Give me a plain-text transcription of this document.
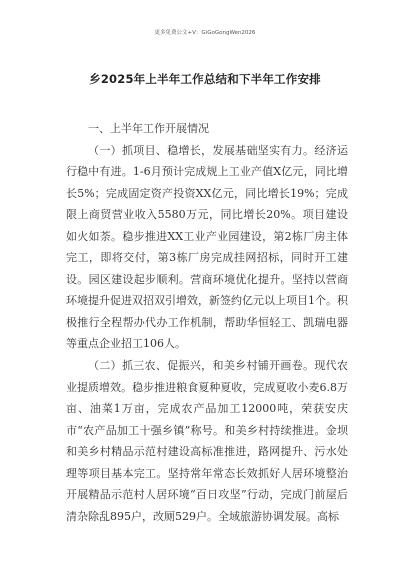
更多免费公文+V：GiGoGongWen2026
乡2025年上半年工作总结和下半年工作安排

一、上半年工作开展情况

（一）抓项目、稳增长，发展基础坚实有力。经济运行稳中有进。1-6月预计完成规上工业产值X亿元，同比增长5%；完成固定资产投资XX亿元，同比增长19%；完成限上商贸营业收入5580万元，同比增长20%。项目建设如火如荼。稳步推进XX工业产业园建设，第2栋厂房主体完工，即将交付，第3栋厂房完成挂网招标，同时开工建设。园区建设起步顺利。营商环境优化提升。坚持以营商环境提升促进双招双引增效，新签约亿元以上项目1个。积极推行全程帮办代办工作机制，帮助华恒轻工、凯瑞电器等重点企业招工106人。

（二）抓三农、促振兴，和美乡村铺开画卷。现代农业提质增效。稳步推进粮食夏种夏收，完成夏收小麦6.8万亩、油菜1万亩，完成农产品加工12000吨，荣获安庆市“农产品加工十强乡镇”称号。和美乡村持续推进。金坝和美乡村精品示范村建设高标准推进，路网提升、污水处理等项目基本完工。坚持常年常态长效抓好人居环境整治开展精品示范村人居环境“百日攻坚”行动，完成门前屋后清杂除乱895户，改厕529户。全域旅游协调发展。高标
